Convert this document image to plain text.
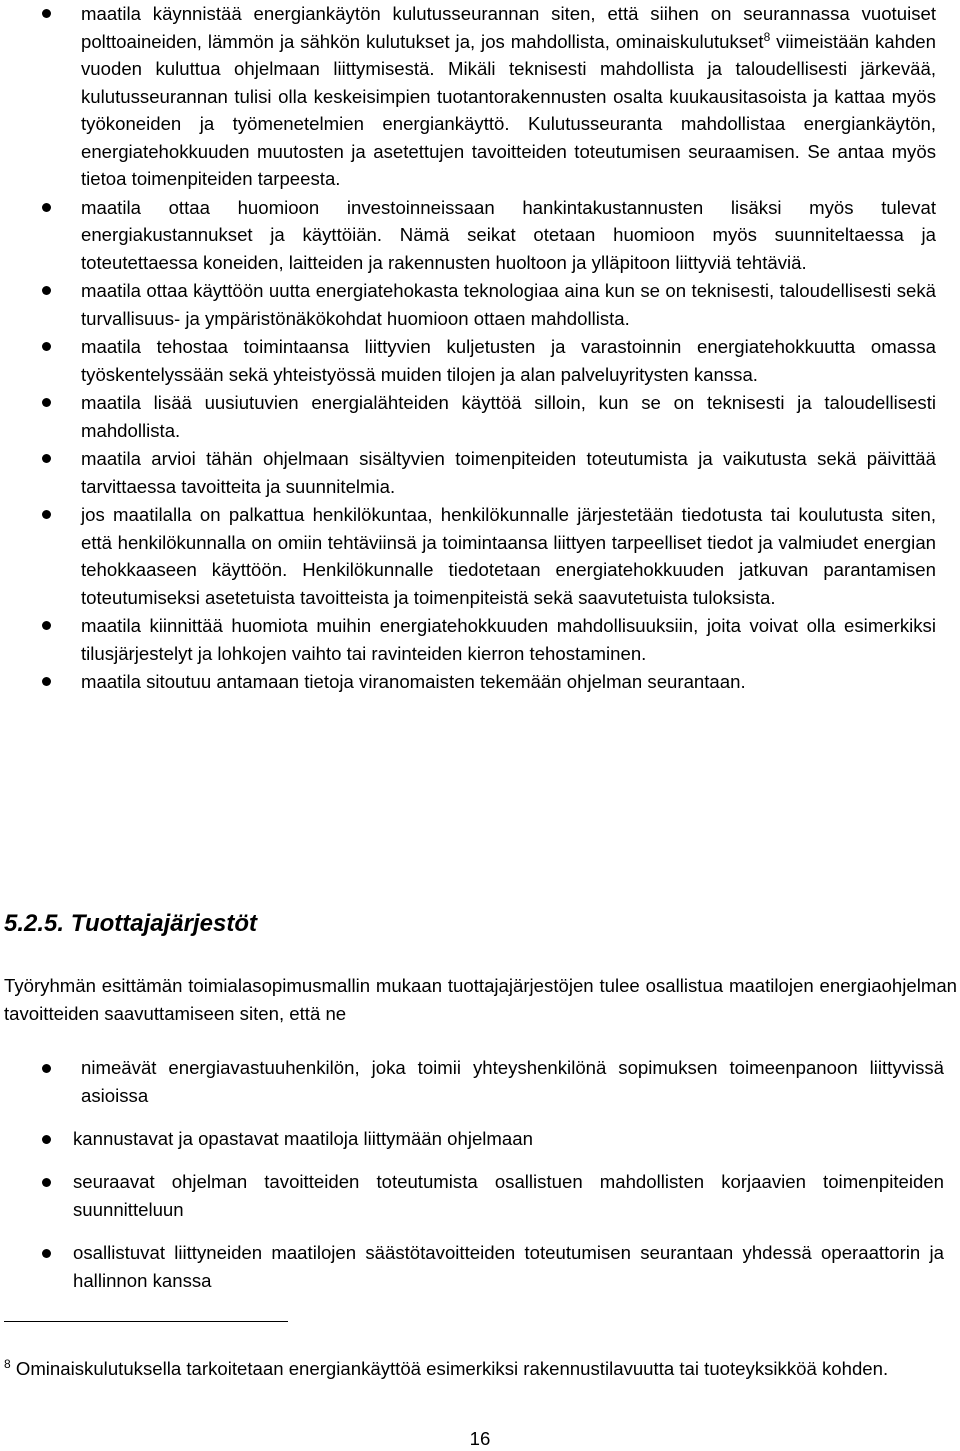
maatila käynnistää energiankäytön kulutusseurannan siten, että siihen on seurannassa vuotuiset polttoaineiden, lämmön ja sähkön kulutukset ja, jos mahdollista, ominaiskulutukset$^8$ viimeistään kahden vuoden kuluttua ohjelmaan liittymisestä. Mikäli teknisesti mahdollista ja taloudellisesti järkevää, kulutusseurannan tulisi olla keskeisimpien tuotantorakennusten osalta kuukausitasoista ja kattaa myös työkoneiden ja työmenetelmien energiankäyttö. Kulutusseuranta mahdollistaa energiankäytön, energiatehokkuuden muutosten ja asetettujen tavoitteiden toteutumisen seuraamisen. Se antaa myös tietoa toimenpiteiden tarpeesta.
maatila ottaa huomioon investoinneissaan hankintakustannusten lisäksi myös tulevat energiakustannukset ja käyttöiän. Nämä seikat otetaan huomioon myös suunniteltaessa ja toteutettaessa koneiden, laitteiden ja rakennusten huoltoon ja ylläpitoon liittyviä tehtäviä.
maatila ottaa käyttöön uutta energiatehokasta teknologiaa aina kun se on teknisesti, taloudellisesti sekä turvallisuus- ja ympäristönäkökohdat huomioon ottaen mahdollista.
maatila tehostaa toimintaansa liittyvien kuljetusten ja varastoinnin energiatehokkuutta omassa työskentelyssään sekä yhteistyössä muiden tilojen ja alan palveluyritysten kanssa.
maatila lisää uusiutuvien energialähteiden käyttöä silloin, kun se on teknisesti ja taloudellisesti mahdollista.
maatila arvioi tähän ohjelmaan sisältyvien toimenpiteiden toteutumista ja vaikutusta sekä päivittää tarvittaessa tavoitteita ja suunnitelmia.
jos maatilalla on palkattua henkilökuntaa, henkilökunnalle järjestetään tiedotusta tai koulutusta siten, että henkilökunnalla on omiin tehtäviinsä ja toimintaansa liittyen tarpeelliset tiedot ja valmiudet energian tehokkaaseen käyttöön. Henkilökunnalle tiedotetaan energiatehokkuuden jatkuvan parantamisen toteutumiseksi asetetuista tavoitteista ja toimenpiteistä sekä saavutetuista tuloksista.
maatila kiinnittää huomiota muihin energiatehokkuuden mahdollisuuksiin, joita voivat olla esimerkiksi tilusjärjestelyt ja lohkojen vaihto tai ravinteiden kierron tehostaminen.
maatila sitoutuu antamaan tietoja viranomaisten tekemään ohjelman seurantaan.
5.2.5. Tuottajajärjestöt

Työryhmän esittämän toimialasopimusmallin mukaan tuottajajärjestöjen tulee osallistua maatilojen energiaohjelman tavoitteiden saavuttamiseen siten, että ne

nimeävät energiavastuuhenkilön, joka toimii yhteyshenkilönä sopimuksen toimeenpanoon liittyvissä asioissa
kannustavat ja opastavat maatiloja liittymään ohjelmaan
seuraavat ohjelman tavoitteiden toteutumista osallistuen mahdollisten korjaavien toimenpiteiden suunnitteluun
osallistuvat liittyneiden maatilojen säästötavoitteiden toteutumisen seurantaan yhdessä operaattorin ja hallinnon kanssa

$^8$ Ominaiskulutuksella tarkoitetaan energiankäyttöä esimerkiksi rakennustilavuutta tai tuoteyksikköä kohden.

16
